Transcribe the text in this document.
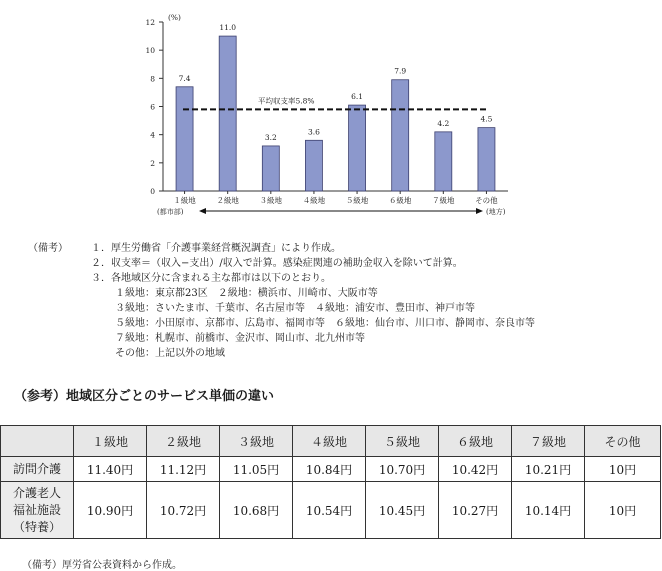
0
2
4
6
8
10
12
7.4
11.0
3.2
3.6
6.1
7.9
4.2	4.5
１級地	２級地	３級地	４級地	５級地	６級地	７級地	その他
平均収支率5.8%
(%)
(都市部)	(地方)
（備考） １．厚生労働省「介護事業経営概況調査」により作成。
２．収支率＝（収入−支出）/収入で計算。感染症関連の補助金収入を除いて計算。
３．各地域区分に含まれる主な都市は以下のとおり。
１級地：東京都23区　２級地：横浜市、川崎市、大阪市等
３級地：さいたま市、千葉市、名古屋市等　４級地：浦安市、豊田市、神戸市等
５級地：小田原市、京都市、広島市、福岡市等　６級地：仙台市、川口市、静岡市、奈良市等
７級地：札幌市、前橋市、金沢市、岡山市、北九州市等
その他：上記以外の地域
（参考）地域区分ごとのサービス単価の違い
	１級地	２級地	３級地	４級地	５級地	６級地	７級地	その他
訪問介護	11.40円	11.12円	11.05円	10.84円	10.70円	10.42円	10.21円	10円

介護老人
福祉施設
（特養）	10.90円	10.72円	10.68円	10.54円	10.45円	10.27円	10.14円	10円
（備考）厚労省公表資料から作成。
